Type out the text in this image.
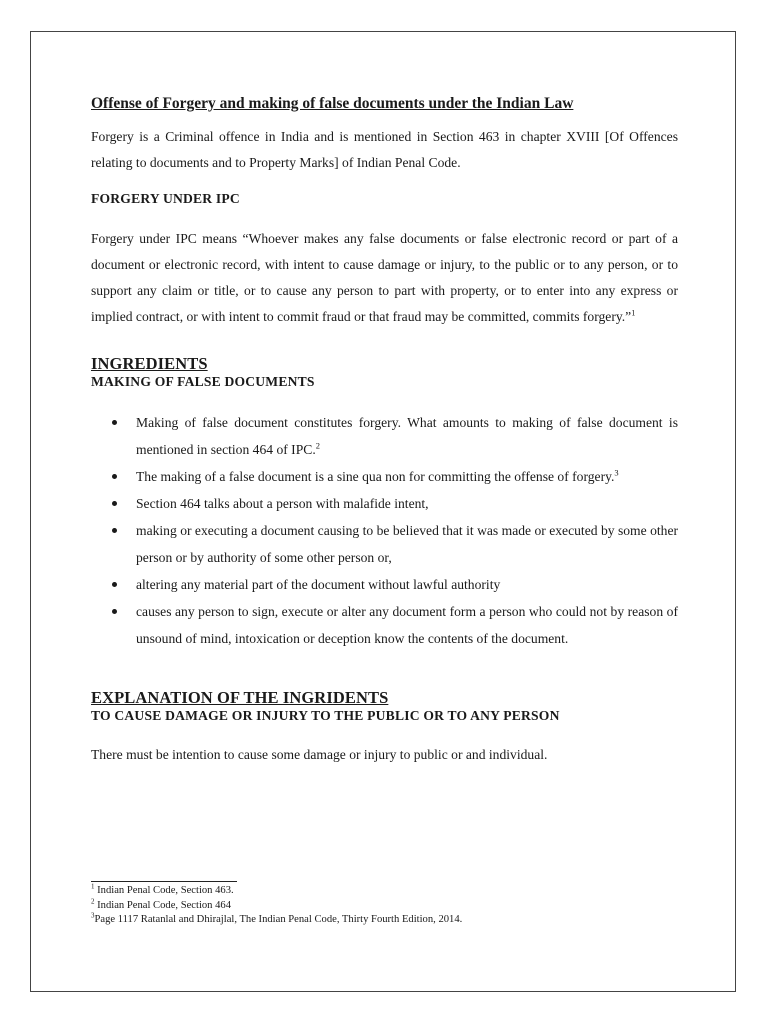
Offense of Forgery and making of false documents under the Indian Law

Forgery is a Criminal offence in India and is mentioned in Section 463 in chapter XVIII [Of Offences relating to documents and to Property Marks] of Indian Penal Code.

FORGERY UNDER IPC

Forgery under IPC means “Whoever makes any false documents or false electronic record or part of a document or electronic record, with intent to cause damage or injury, to the public or to any person, or to support any claim or title, or to cause any person to part with property, or to enter into any express or implied contract, or with intent to commit fraud or that fraud may be committed, commits forgery.”$^1$

INGREDIENTS
MAKING OF FALSE DOCUMENTS
Making of false document constitutes forgery. What amounts to making of false document is mentioned in section 464 of IPC.$^2$
The making of a false document is a sine qua non for committing the offense of forgery.$^3$
Section 464 talks about a person with malafide intent,
making or executing a document causing to be believed that it was made or executed by some other person or by authority of some other person or,
altering any material part of the document without lawful authority
causes any person to sign, execute or alter any document form a person who could not by reason of unsound of mind, intoxication or deception know the contents of the document.
EXPLANATION OF THE INGRIDENTS
TO CAUSE DAMAGE OR INJURY TO THE PUBLIC OR TO ANY PERSON

There must be intention to cause some damage or injury to public or and individual.

$^1$ Indian Penal Code, Section 463.
$^2$ Indian Penal Code, Section 464
$^3$Page 1117 Ratanlal and Dhirajlal, The Indian Penal Code, Thirty Fourth Edition, 2014.
